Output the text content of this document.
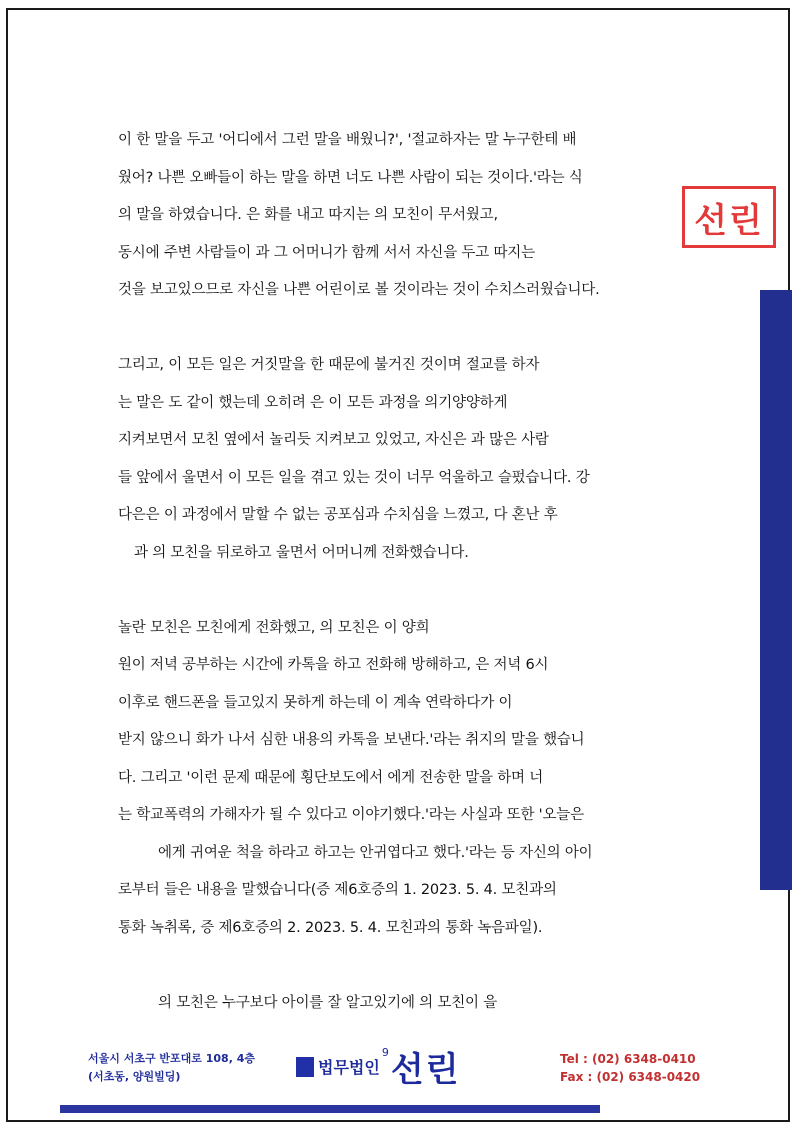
선린
이 한 말을 두고 '어디에서 그런 말을 배웠니?', '절교하자는 말 누구한테 배
웠어? 나쁜 오빠들이 하는 말을 하면 너도 나쁜 사람이 되는 것이다.'라는 식
의 말을 하였습니다. 은 화를 내고 따지는 의 모친이 무서웠고,
동시에 주변 사람들이 과 그 어머니가 함께 서서 자신을 두고 따지는
것을 보고있으므로 자신을 나쁜 어린이로 볼 것이라는 것이 수치스러웠습니다.
그리고, 이 모든 일은 거짓말을 한 때문에 불거진 것이며 절교를 하자
는 말은 도 같이 했는데 오히려 은 이 모든 과정을 의기양양하게
지켜보면서 모친 옆에서 놀리듯 지켜보고 있었고, 자신은 과 많은 사람
들 앞에서 울면서 이 모든 일을 겪고 있는 것이 너무 억울하고 슬펐습니다. 강
다은은 이 과정에서 말할 수 없는 공포심과 수치심을 느꼈고, 다 혼난 후
과 의 모친을 뒤로하고 울면서 어머니께 전화했습니다.
놀란 모친은 모친에게 전화했고, 의 모친은 이 양희
원이 저녁 공부하는 시간에 카톡을 하고 전화해 방해하고, 은 저녁 6시
이후로 핸드폰을 들고있지 못하게 하는데 이 계속 연락하다가 이
받지 않으니 화가 나서 심한 내용의 카톡을 보낸다.'라는 취지의 말을 했습니
다. 그리고 '이런 문제 때문에 횡단보도에서 에게 전송한 말을 하며 너
는 학교폭력의 가해자가 될 수 있다고 이야기했다.'라는 사실과 또한 '오늘은
에게 귀여운 척을 하라고 하고는 안귀엽다고 했다.'라는 등 자신의 아이
로부터 들은 내용을 말했습니다(증 제6호증의 1. 2023. 5. 4. 모친과의
통화 녹취록, 증 제6호증의 2. 2023. 5. 4. 모친과의 통화 녹음파일).
의 모친은 누구보다 아이를 잘 알고있기에 의 모친이 을
서울시 서초구 반포대로 108, 4층
(서초동, 양원빌딩)	법무법인
9 선린	Tel : (02) 6348-0410
Fax : (02) 6348-0420
